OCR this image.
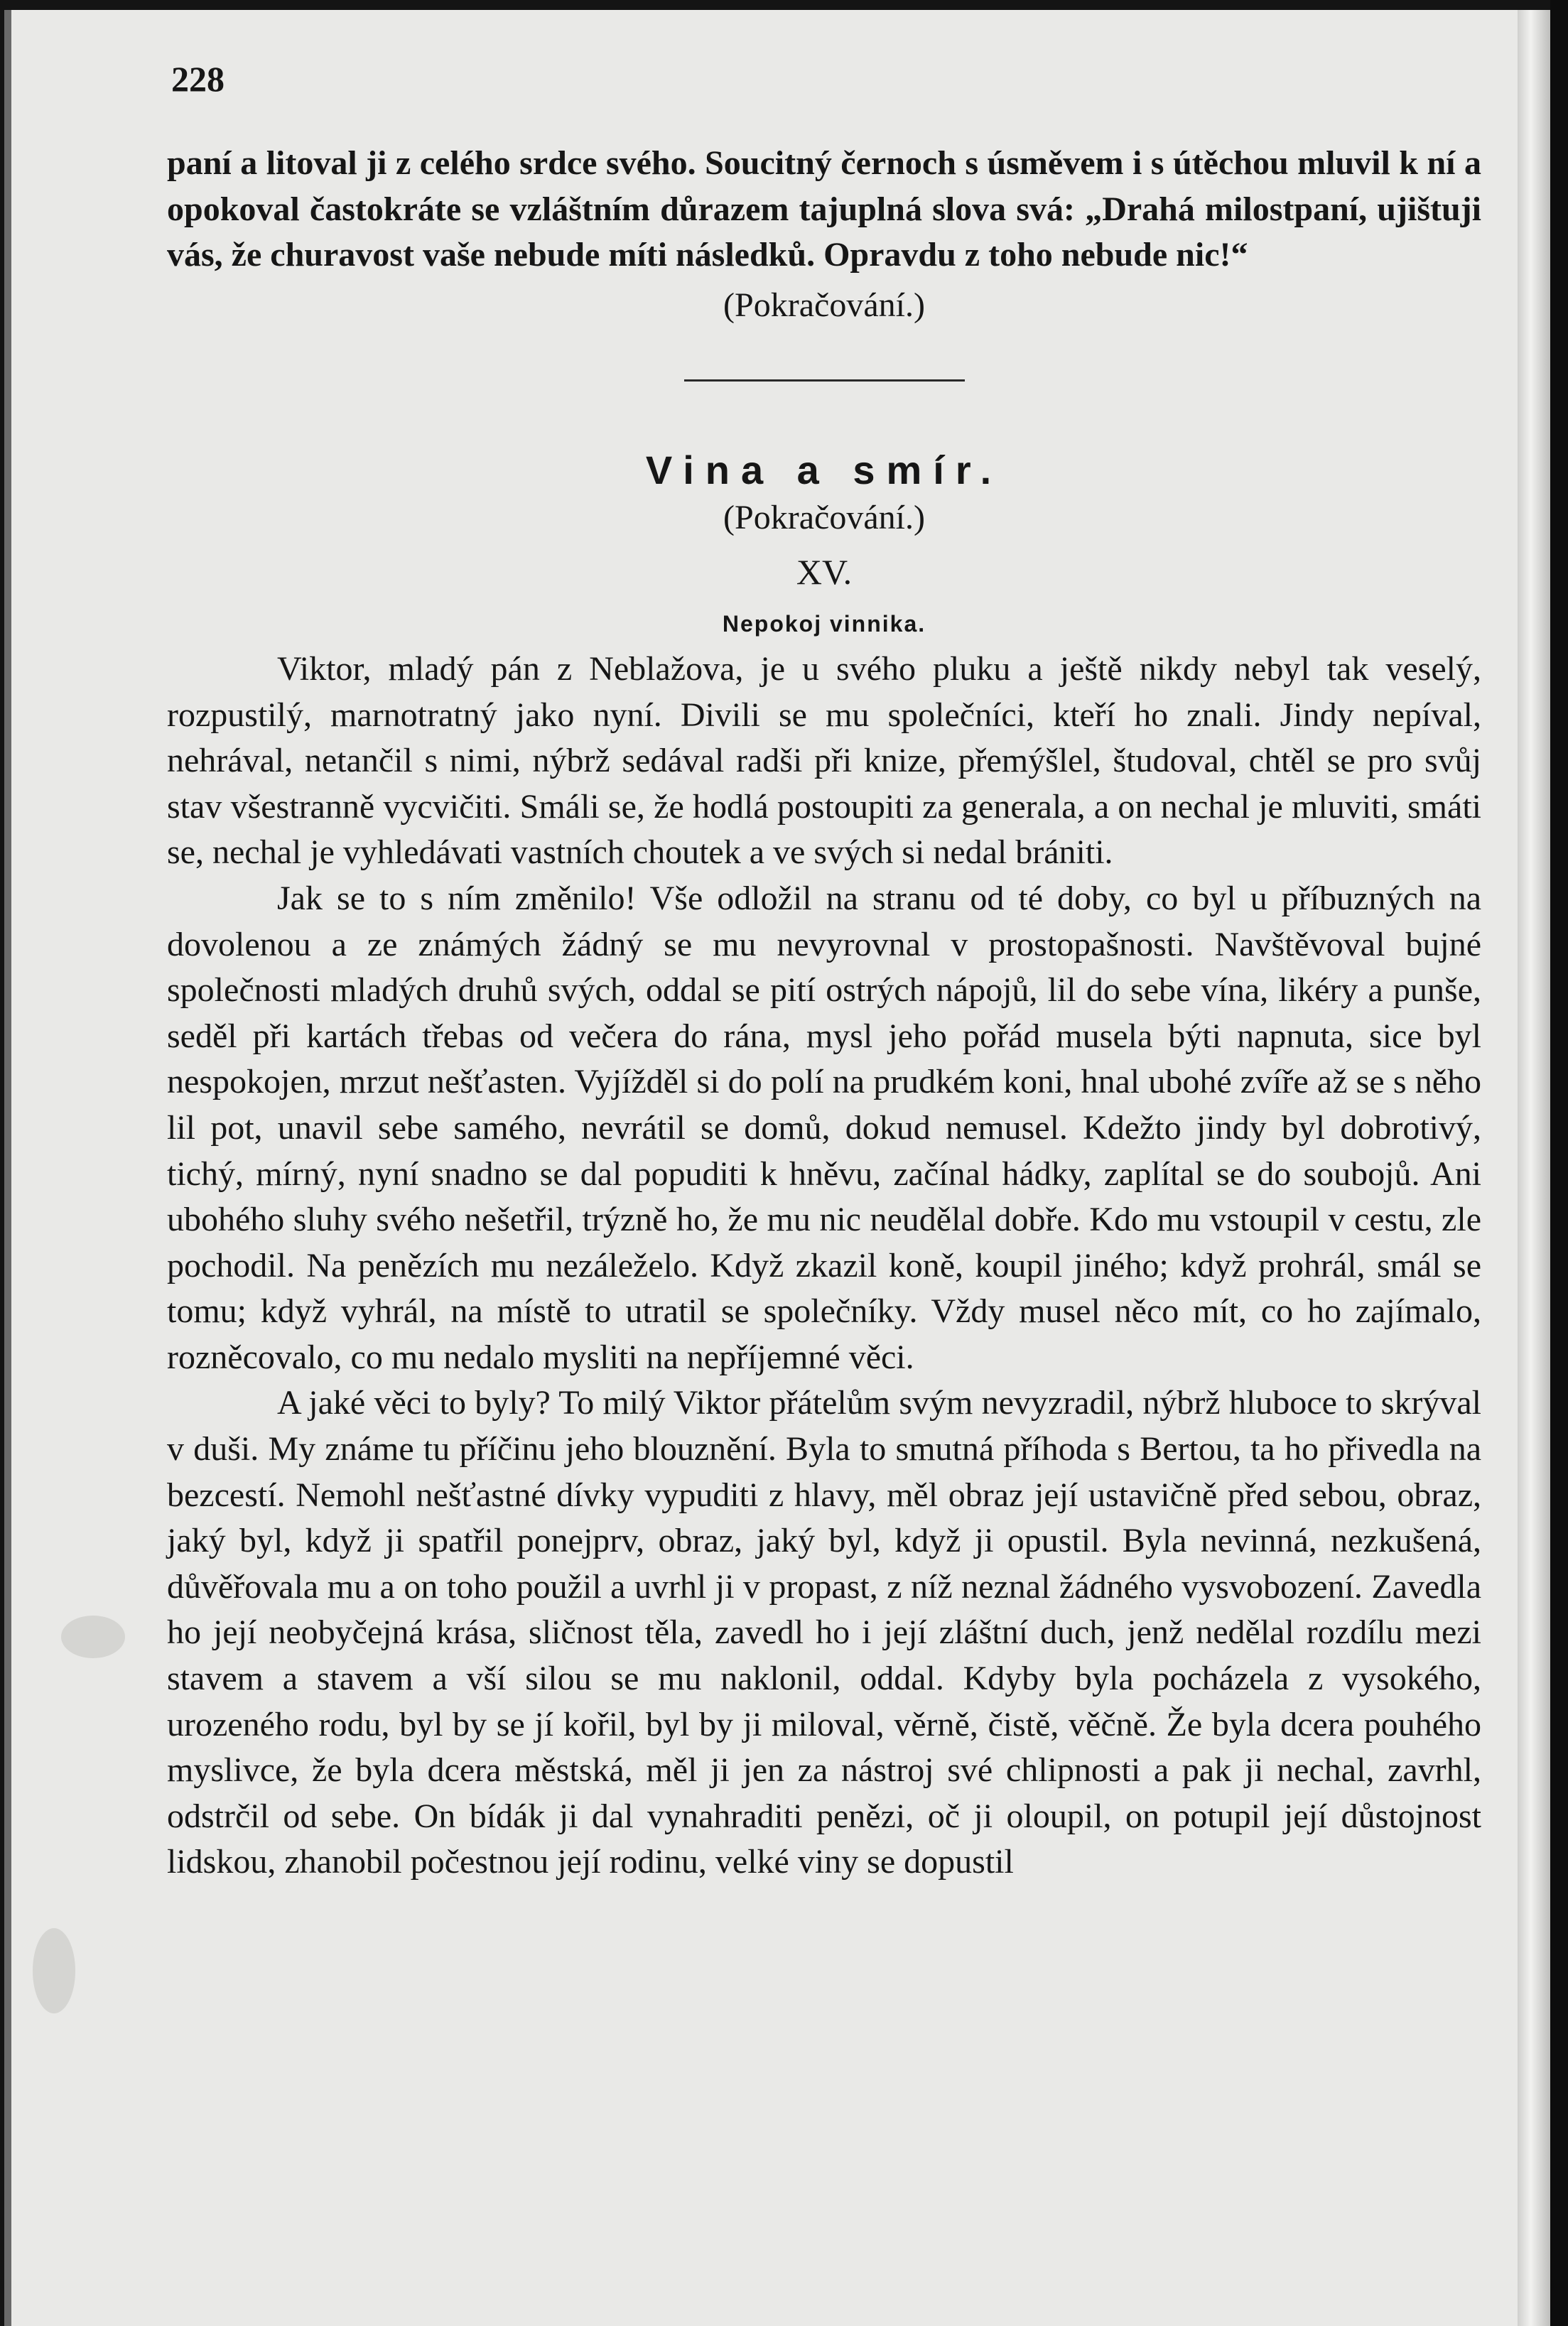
228

paní a litoval ji z celého srdce svého. Soucitný černoch s úsměvem i s útěchou mluvil k ní a opokoval častokráte se vzláštním důrazem tajuplná slova svá: „Drahá milostpaní, ujištuji vás, že churavost vaše nebude míti následků. Opravdu z toho nebude nic!“

(Pokračování.)
Vina a smír.
(Pokračování.)
XV.
Nepokoj vinnika.

Viktor, mladý pán z Neblažova, je u svého pluku a ještě nikdy nebyl tak veselý, rozpustilý, marnotratný jako nyní. Divili se mu společníci, kteří ho znali. Jindy nepíval, nehrával, netančil s nimi, nýbrž sedával radši při knize, přemýšlel, študoval, chtěl se pro svůj stav všestranně vycvičiti. Smáli se, že hodlá postoupiti za generala, a on nechal je mluviti, smáti se, nechal je vyhledávati vastních choutek a ve svých si nedal brániti.

Jak se to s ním změnilo! Vše odložil na stranu od té doby, co byl u příbuzných na dovolenou a ze známých žádný se mu nevyrovnal v prostopašnosti. Navštěvoval bujné společnosti mladých druhů svých, oddal se pití ostrých nápojů, lil do sebe vína, likéry a punše, seděl při kartách třebas od večera do rána, mysl jeho pořád musela býti napnuta, sice byl nespokojen, mrzut nešťasten. Vyjížděl si do polí na prudkém koni, hnal ubohé zvíře až se s něho lil pot, unavil sebe samého, nevrátil se domů, dokud nemusel. Kdežto jindy byl dobrotivý, tichý, mírný, nyní snadno se dal popuditi k hněvu, začínal hádky, zaplítal se do soubojů. Ani ubohého sluhy svého nešetřil, trýzně ho, že mu nic neudělal dobře. Kdo mu vstoupil v cestu, zle pochodil. Na penězích mu nezáleželo. Když zkazil koně, koupil jiného; když prohrál, smál se tomu; když vyhrál, na místě to utratil se společníky. Vždy musel něco mít, co ho zajímalo, rozněcovalo, co mu nedalo mysliti na nepříjemné věci.

A jaké věci to byly? To milý Viktor přátelům svým nevyzradil, nýbrž hluboce to skrýval v duši. My známe tu příčinu jeho blouznění. Byla to smutná příhoda s Bertou, ta ho přivedla na bezcestí. Nemohl nešťastné dívky vypuditi z hlavy, měl obraz její ustavičně před sebou, obraz, jaký byl, když ji spatřil ponejprv, obraz, jaký byl, když ji opustil. Byla nevinná, nezkušená, důvěřovala mu a on toho použil a uvrhl ji v propast, z níž neznal žádného vysvobození. Zavedla ho její neobyčejná krása, sličnost těla, zavedl ho i její zláštní duch, jenž nedělal rozdílu mezi stavem a stavem a vší silou se mu naklonil, oddal. Kdyby byla pocházela z vysokého, urozeného rodu, byl by se jí kořil, byl by ji miloval, věrně, čistě, věčně. Že byla dcera pouhého myslivce, že byla dcera městská, měl ji jen za nástroj své chlipnosti a pak ji nechal, zavrhl, odstrčil od sebe. On bídák ji dal vynahraditi penězi, oč ji oloupil, on potupil její důstojnost lidskou, zhanobil počestnou její rodinu, velké viny se dopustil
